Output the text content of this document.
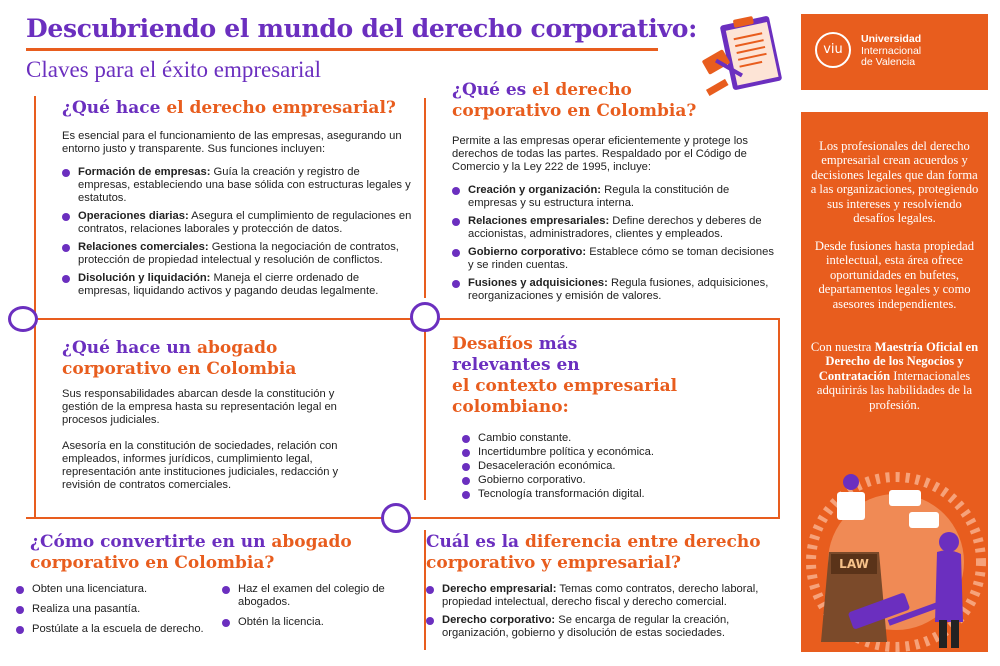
Descubriendo el mundo del derecho corporativo:
Claves para el éxito empresarial
¿Qué hace el derecho empresarial?
Es esencial para el funcionamiento de las empresas, asegurando un entorno justo y transparente. Sus funciones incluyen:
Formación de empresas: Guía la creación y registro de empresas, estableciendo una base sólida con estructuras legales y estatutos.
Operaciones diarias: Asegura el cumplimiento de regulaciones en contratos, relaciones laborales y protección de datos.
Relaciones comerciales: Gestiona la negociación de contratos, protección de propiedad intelectual y resolución de conflictos.
Disolución y liquidación: Maneja el cierre ordenado de empresas, liquidando activos y pagando deudas legalmente.
¿Qué es el derecho
corporativo en Colombia?
Permite a las empresas operar eficientemente y protege los derechos de todas las partes. Respaldado por el Código de Comercio y la Ley 222 de 1995, incluye:
Creación y organización: Regula la constitución de empresas y su estructura interna.
Relaciones empresariales: Define derechos y deberes de accionistas, administradores, clientes y empleados.
Gobierno corporativo: Establece cómo se toman decisiones y se rinden cuentas.
Fusiones y adquisiciones: Regula fusiones, adquisiciones, reorganizaciones y emisión de valores.
¿Qué hace un abogado
corporativo en Colombia
Sus responsabilidades abarcan desde la constitución y gestión de la empresa hasta su representación legal en procesos judiciales.
Asesoría en la constitución de sociedades, relación con empleados, informes jurídicos, cumplimiento legal, representación ante instituciones judiciales, redacción y revisión de contratos comerciales.
Desafíos más
relevantes en
el contexto empresarial
colombiano:
Cambio constante.
Incertidumbre política y económica.
Desaceleración económica.
Gobierno corporativo.
Tecnología transformación digital.
¿Cómo convertirte en un abogado
corporativo en Colombia?
Obten una licenciatura.
Realiza una pasantía.
Postúlate a la escuela de derecho.
Haz el examen del colegio de abogados.
Obtén la licencia.
Cuál es la diferencia entre derecho
corporativo y empresarial?
Derecho empresarial: Temas como contratos, derecho laboral, propiedad intelectual, derecho fiscal y derecho comercial.
Derecho corporativo: Se encarga de regular la creación, organización, gobierno y disolución de estas sociedades.
viu
Universidad
Internacional
de Valencia
Los profesionales del derecho empresarial crean acuerdos y decisiones legales que dan forma a las organizaciones, protegiendo sus intereses y resolviendo desafíos legales.
Desde fusiones hasta propiedad intelectual, esta área ofrece oportunidades en bufetes, departamentos legales y como asesores independientes.
Con nuestra Maestría Oficial en Derecho de los Negocios y Contratación Internacionales adquirirás las habilidades de la profesión.
LAW
